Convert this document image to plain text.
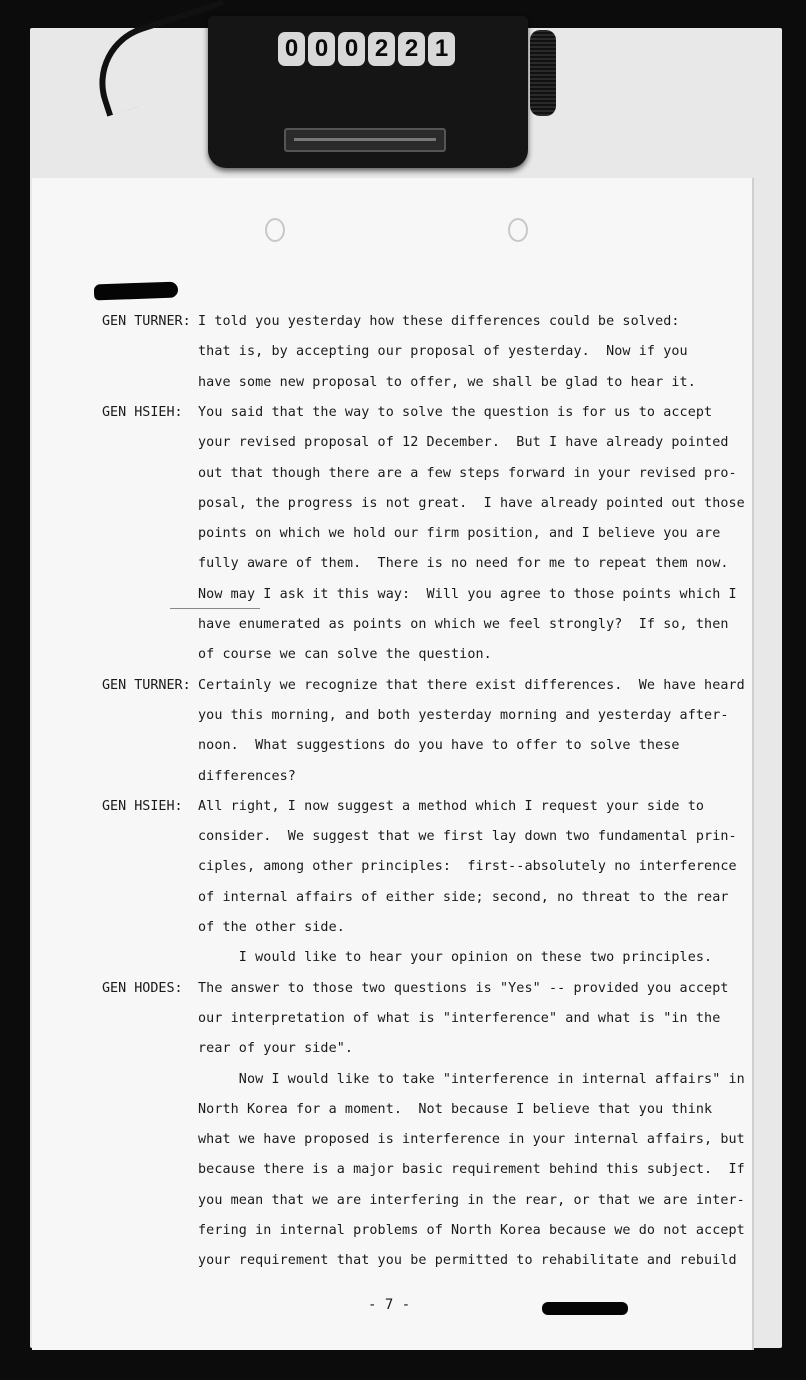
0 0 0 2 2 1
GEN TURNER: I told you yesterday how these differences could be solved:
that is, by accepting our proposal of yesterday.  Now if you
have some new proposal to offer, we shall be glad to hear it.
GEN HSIEH: You said that the way to solve the question is for us to accept
your revised proposal of 12 December.  But I have already pointed
out that though there are a few steps forward in your revised pro-
posal, the progress is not great.  I have already pointed out those
points on which we hold our firm position, and I believe you are
fully aware of them.  There is no need for me to repeat them now.
Now may I ask it this way:  Will you agree to those points which I
have enumerated as points on which we feel strongly?  If so, then
of course we can solve the question.
GEN TURNER: Certainly we recognize that there exist differences.  We have heard
you this morning, and both yesterday morning and yesterday after-
noon.  What suggestions do you have to offer to solve these
differences?
GEN HSIEH: All right, I now suggest a method which I request your side to
consider.  We suggest that we first lay down two fundamental prin-
ciples, among other principles:  first--absolutely no interference
of internal affairs of either side; second, no threat to the rear
of the other side.
I would like to hear your opinion on these two principles.
GEN HODES: The answer to those two questions is "Yes" -- provided you accept
our interpretation of what is "interference" and what is "in the
rear of your side".
Now I would like to take "interference in internal affairs" in
North Korea for a moment.  Not because I believe that you think
what we have proposed is interference in your internal affairs, but
because there is a major basic requirement behind this subject.  If
you mean that we are interfering in the rear, or that we are inter-
fering in internal problems of North Korea because we do not accept
your requirement that you be permitted to rehabilitate and rebuild
- 7 -
